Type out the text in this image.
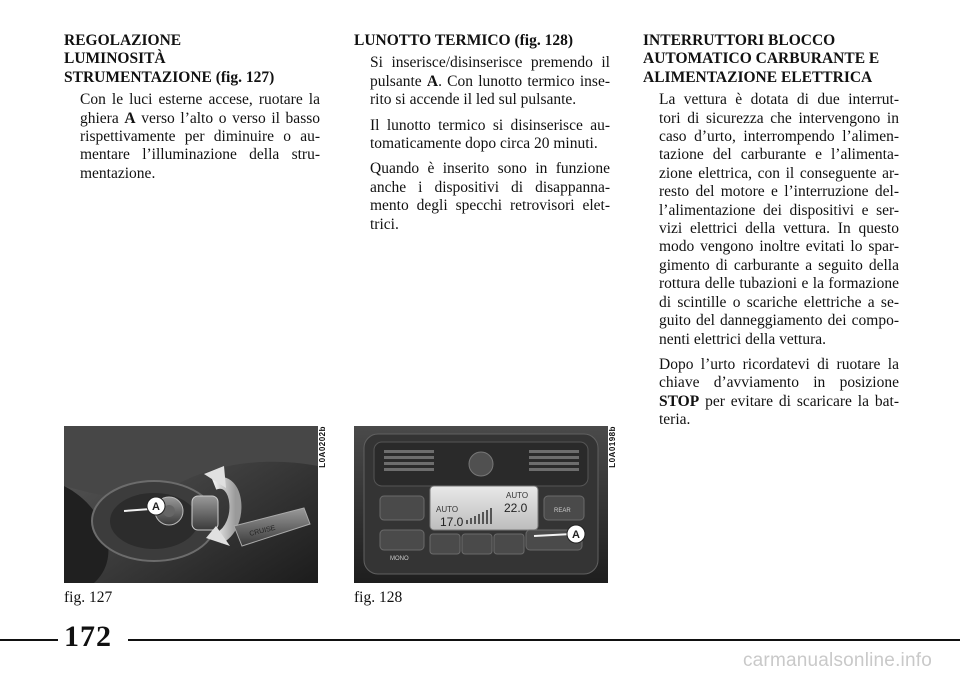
REGOLAZIONE
LUMINOSITÀ
STRUMENTAZIONE (fig. 127)

Con le luci esterne accese, ruotare la
ghiera A verso l’alto o verso il basso
rispettivamente per diminuire o au-
mentare l’illuminazione della stru-
mentazione.

LUNOTTO TERMICO (fig. 128)

Si inserisce/disinserisce premendo il
pulsante A. Con lunotto termico inse-
rito si accende il led sul pulsante.

Il lunotto termico si disinserisce au-
tomaticamente dopo circa 20 minuti.

Quando è inserito sono in funzione
anche i dispositivi di disappanna-
mento degli specchi retrovisori elet-
trici.

INTERRUTTORI BLOCCO
AUTOMATICO CARBURANTE E
ALIMENTAZIONE ELETTRICA

La vettura è dotata di due interrut-
tori di sicurezza che intervengono in
caso d’urto, interrompendo l’alimen-
tazione del carburante e l’alimenta-
zione elettrica, con il conseguente ar-
resto del motore e l’interruzione del-
l’alimentazione dei dispositivi e ser-
vizi elettrici della vettura. In questo
modo vengono inoltre evitati lo spar-
gimento di carburante a seguito della
rottura delle tubazioni e la formazione
di scintille o scariche elettriche a se-
guito del danneggiamento dei compo-
nenti elettrici della vettura.

Dopo l’urto ricordatevi di ruotare la
chiave d’avviamento in posizione
STOP per evitare di scaricare la bat-
teria.

CRUISE
A
L0A0202b
fig. 127
AUTO
AUTO
17.0
22.0
MONO
REAR
A
L0A0198b
fig. 128
172
carmanualsonline.info
